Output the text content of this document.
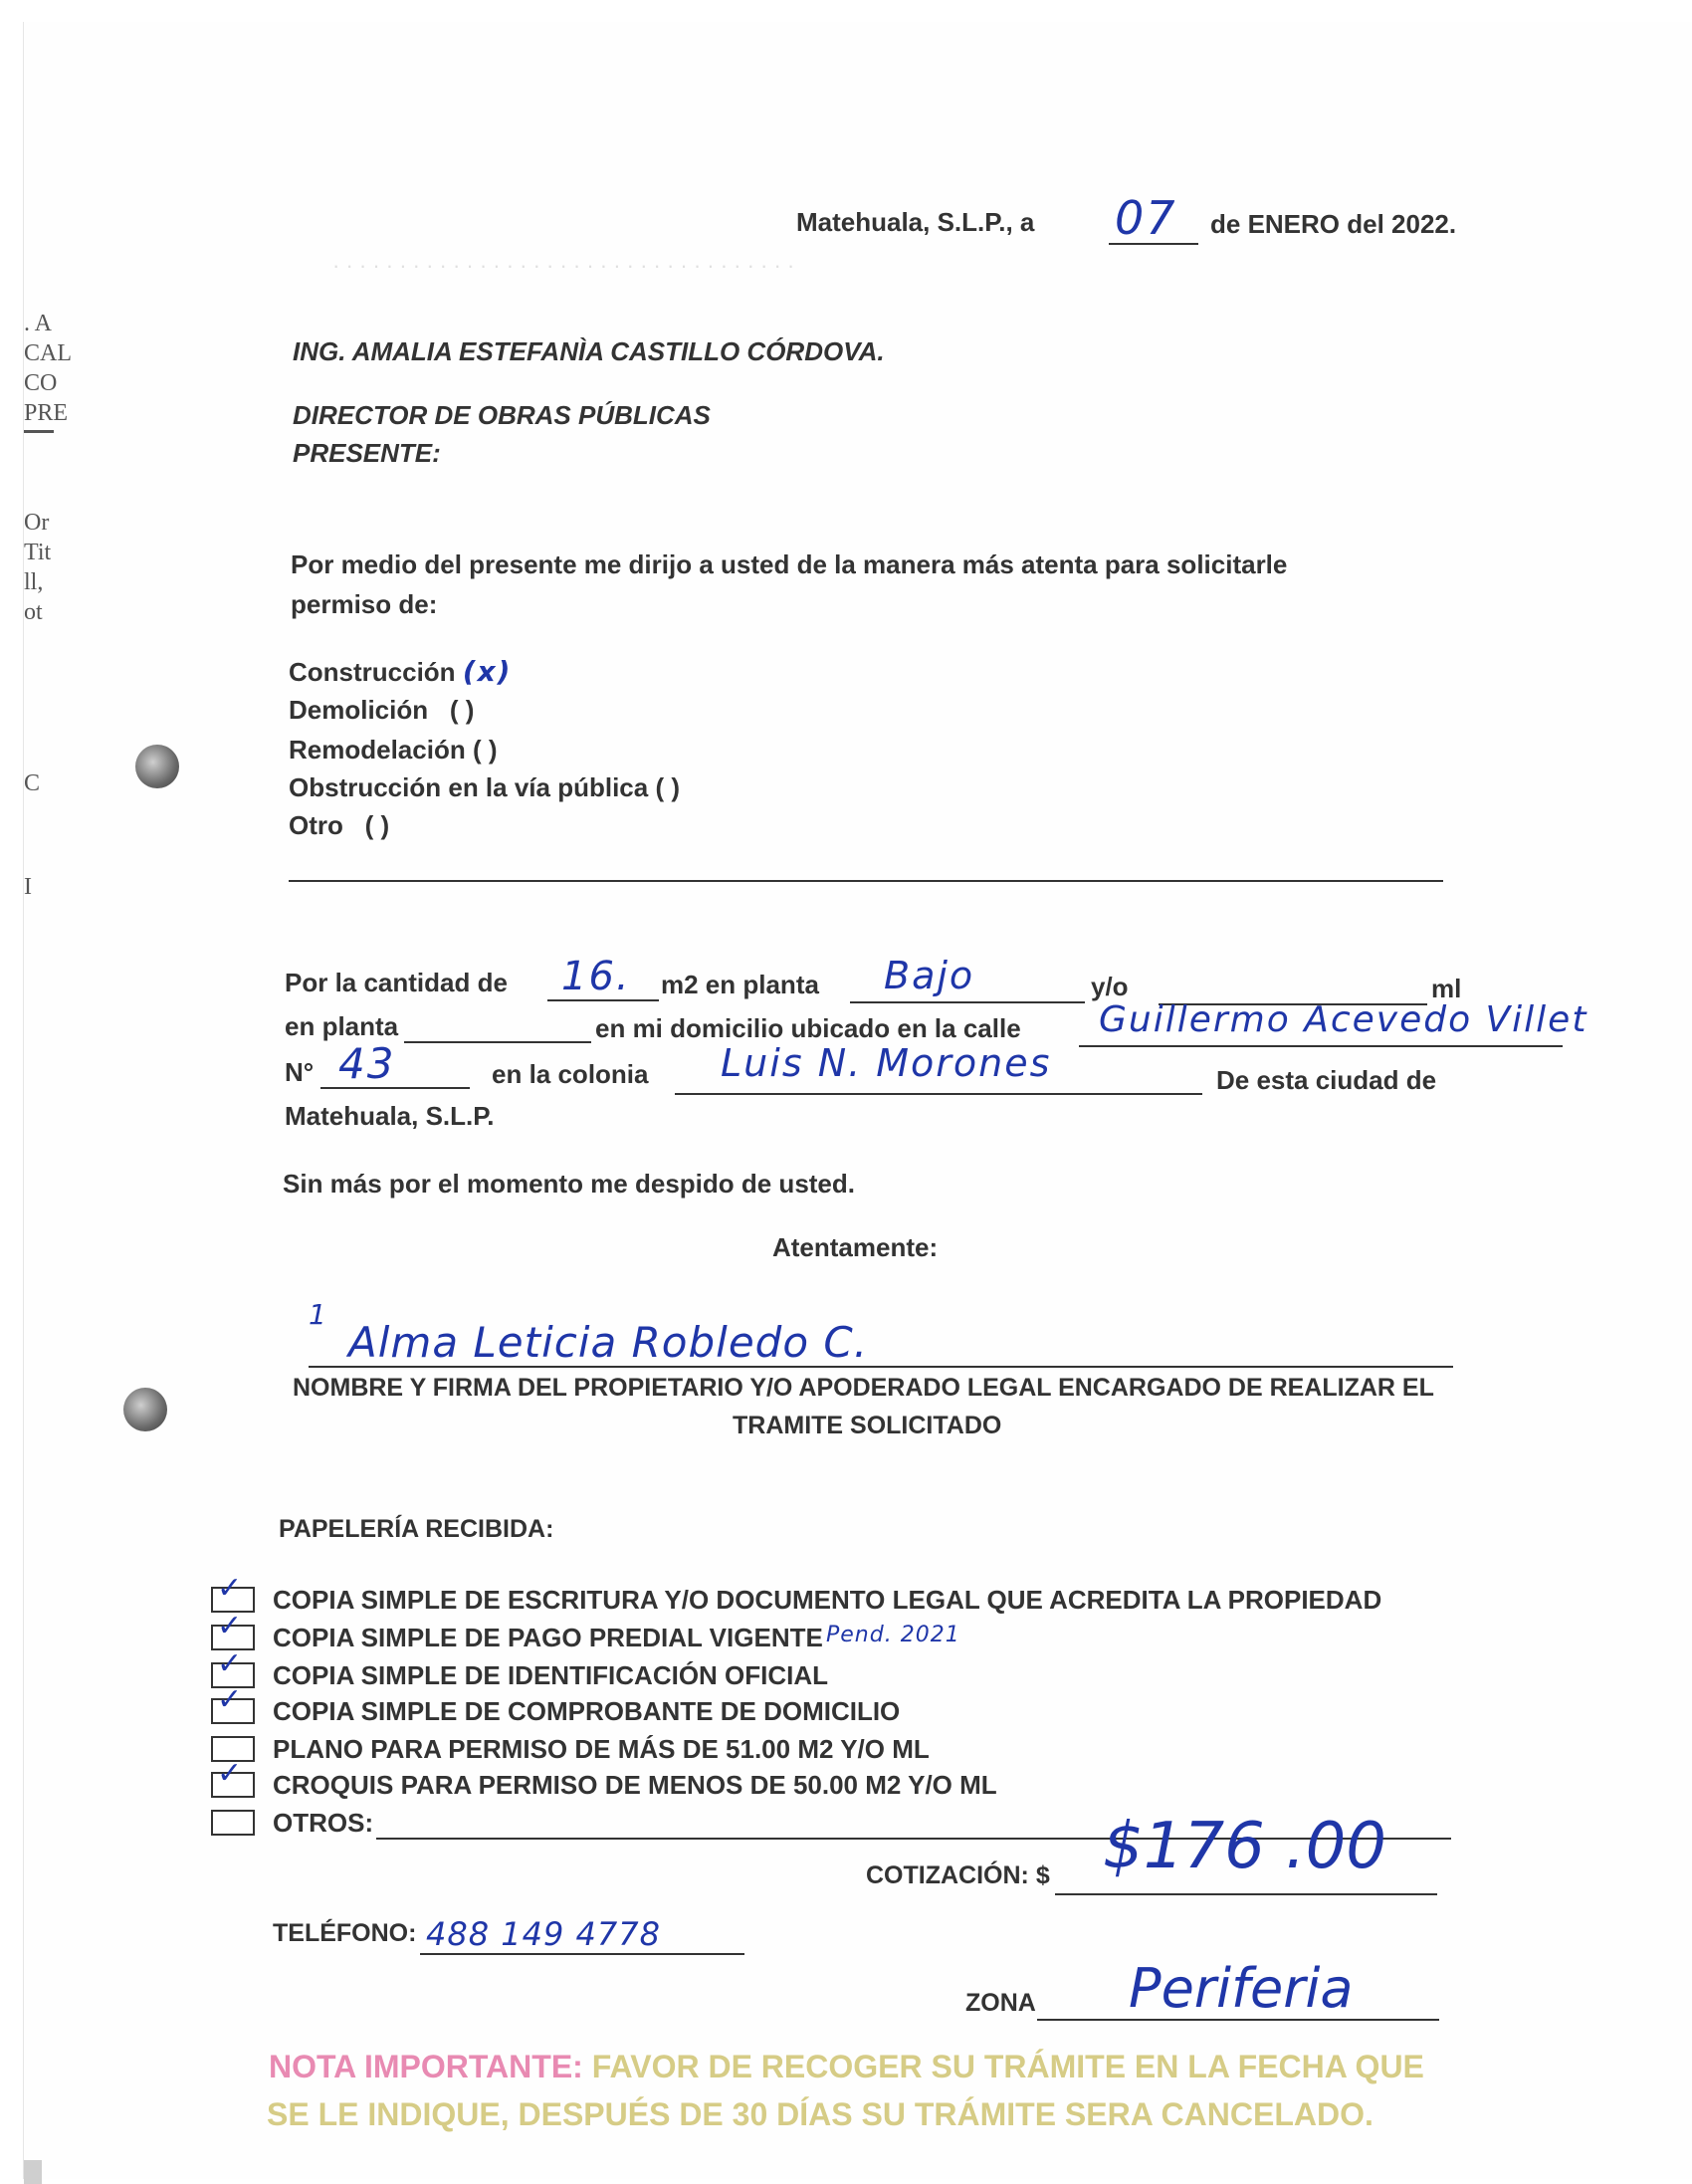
· · · · · · · · · · · · · · · · · · · · · · · · · · · · · · · · · · ·
. A
CAL
CO
PRE
Or
Tit
ll,
ot
C
I
Matehuala, S.L.P., a 07 de ENERO del 2022.
ING. AMALIA ESTEFANÌA CASTILLO CÓRDOVA.
DIRECTOR DE OBRAS PÚBLICAS
PRESENTE:
Por medio del presente me dirijo a usted de la manera más atenta para solicitarle
permiso de:
Construcción (x)
Demolición ( )
Remodelación ( )
Obstrucción en la vía pública ( )
Otro ( )
Por la cantidad de 16. m2 en planta Bajo	y/o	ml
en planta	en mi domicilio ubicado en la calle Guillermo Acevedo Villet
N° 43	en la colonia Luis N. Morones	De esta ciudad de
Matehuala, S.L.P.
Sin más por el momento me despido de usted.
Atentamente:
1
Alma Leticia Robledo C.
NOMBRE Y FIRMA DEL PROPIETARIO Y/O APODERADO LEGAL ENCARGADO DE REALIZAR EL
TRAMITE SOLICITADO
PAPELERÍA RECIBIDA:
✓ COPIA SIMPLE DE ESCRITURA Y/O DOCUMENTO LEGAL QUE ACREDITA LA PROPIEDAD
✓ COPIA SIMPLE DE PAGO PREDIAL VIGENTE Pend. 2021
✓ COPIA SIMPLE DE IDENTIFICACIÓN OFICIAL
✓ COPIA SIMPLE DE COMPROBANTE DE DOMICILIO
PLANO PARA PERMISO DE MÁS DE 51.00 M2 Y/O ML
✓ CROQUIS PARA PERMISO DE MENOS DE 50.00 M2 Y/O ML
OTROS:
COTIZACIÓN: $ $176 .00
TELÉFONO: 488 149 4778
ZONA Periferia
NOTA IMPORTANTE: FAVOR DE RECOGER SU TRÁMITE EN LA FECHA QUE
SE LE INDIQUE, DESPUÉS DE 30 DÍAS SU TRÁMITE SERA CANCELADO.
